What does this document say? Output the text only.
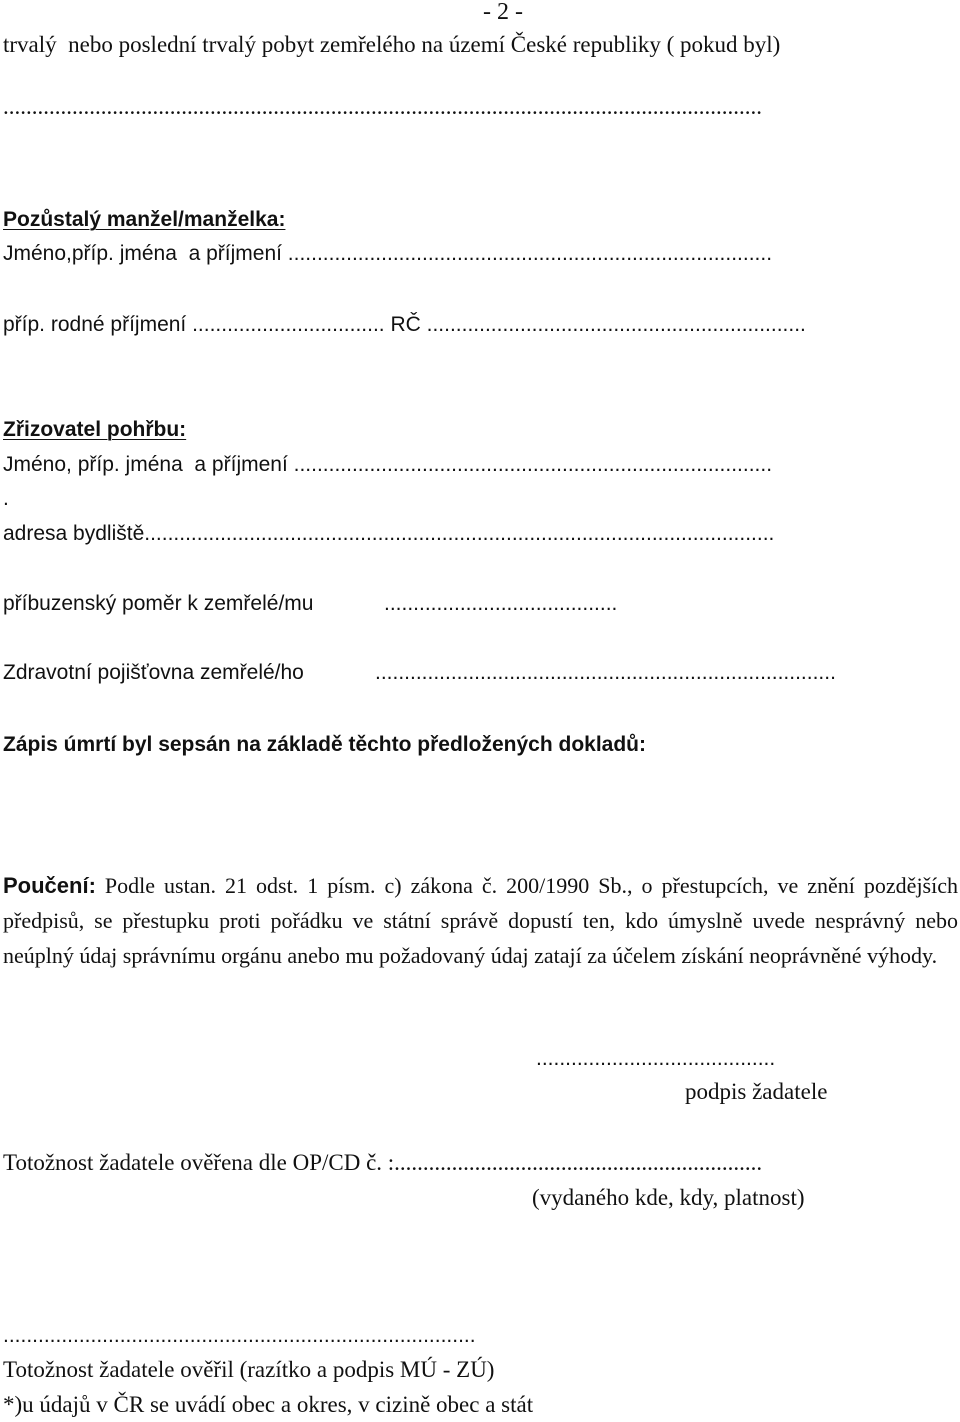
- 2 -
trvalý  nebo poslední trvalý pobyt zemřelého na území České republiky ( pokud byl)
....................................................................................................................................
Pozůstalý manžel/manželka:
Jméno,příp. jména  a příjmení ...................................................................................
příp. rodné příjmení ................................. RČ .................................................................
Zřizovatel pohřbu:
Jméno, příp. jména  a příjmení ..................................................................................
.
adresa bydliště............................................................................................................
příbuzenský poměr k zemřelé/mu	........................................
Zdravotní pojišťovna zemřelé/ho	...............................................................................
Zápis úmrtí byl sepsán na základě těchto předložených dokladů:
Poučení: Podle ustan. 21 odst. 1 písm. c) zákona č. 200/1990 Sb., o přestupcích, ve znění pozdějších předpisů, se přestupku proti pořádku ve státní správě dopustí ten, kdo úmyslně uvede nesprávný nebo neúplný údaj správnímu orgánu anebo mu požadovaný údaj zatají za účelem získání neoprávněné výhody.
.........................................
podpis žadatele
Totožnost žadatele ověřena dle OP/CD č. :................................................................
(vydaného kde, kdy, platnost)
.................................................................................
Totožnost žadatele ověřil (razítko a podpis MÚ - ZÚ)
*)u údajů v ČR se uvádí obec a okres, v cizině obec a stát
